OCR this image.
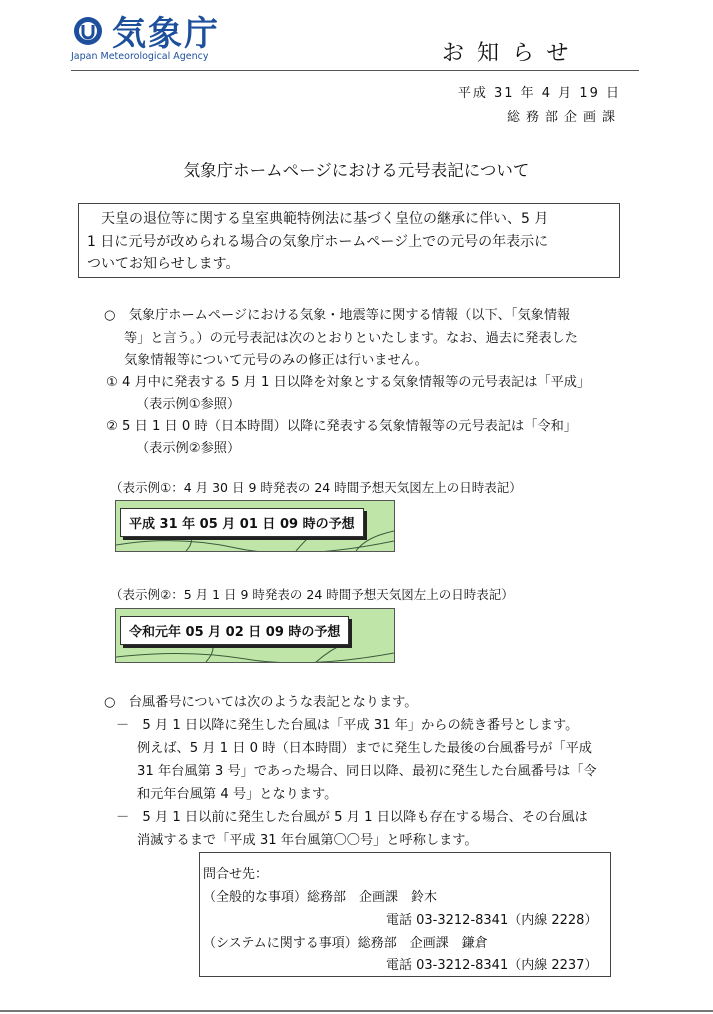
気象庁
Japan Meteorological Agency	お知らせ
平成 31 年 4 月 19 日
総務部企画課
気象庁ホームページにおける元号表記について
天皇の退位等に関する皇室典範特例法に基づく皇位の継承に伴い、5 月
1 日に元号が改められる場合の気象庁ホームページ上での元号の年表示に
ついてお知らせします。
○　気象庁ホームページにおける気象・地震等に関する情報（以下、「気象情報
等」と言う。）の元号表記は次のとおりといたします。なお、過去に発表した
気象情報等について元号のみの修正は行いません。
① 4 月中に発表する 5 月 1 日以降を対象とする気象情報等の元号表記は「平成」
（表示例①参照）
② 5 日 1 日 0 時（日本時間）以降に発表する気象情報等の元号表記は「令和」
（表示例②参照）
（表示例①：4 月 30 日 9 時発表の 24 時間予想天気図左上の日時表記）
平成 31 年 05 月 01 日 09 時の予想
（表示例②：5 月 1 日 9 時発表の 24 時間予想天気図左上の日時表記）
令和元年 05 月 02 日 09 時の予想
○　台風番号については次のような表記となります。
－　5 月 1 日以降に発生した台風は「平成 31 年」からの続き番号とします。
例えば、5 月 1 日 0 時（日本時間）までに発生した最後の台風番号が「平成
31 年台風第 3 号」であった場合、同日以降、最初に発生した台風番号は「令
和元年台風第 4 号」となります。
－　5 月 1 日以前に発生した台風が 5 月 1 日以降も存在する場合、その台風は
消滅するまで「平成 31 年台風第〇〇号」と呼称します。
問合せ先：
（全般的な事項）総務部　企画課　鈴木
電話 03-3212-8341（内線 2228）
（システムに関する事項）総務部　企画課　鎌倉
電話 03-3212-8341（内線 2237）
